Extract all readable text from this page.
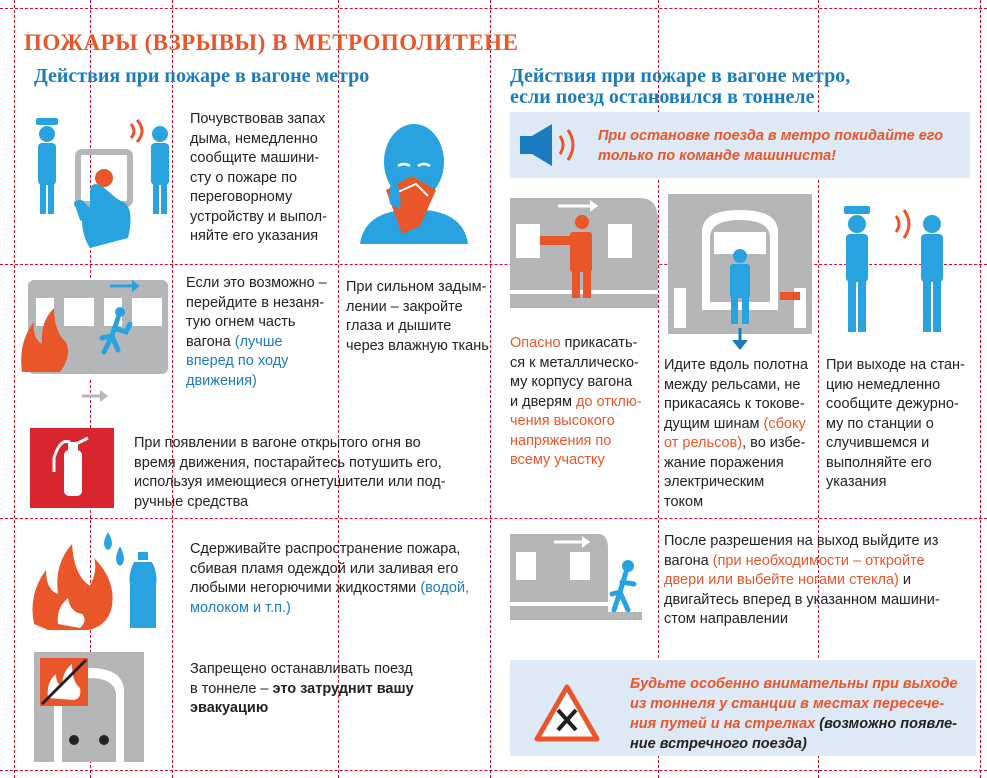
ПОЖАРЫ (ВЗРЫВЫ) В МЕТРОПОЛИТЕНЕ
Действия при пожаре в вагоне метро	Действия при пожаре в вагоне метро,
если поезд остановился в тоннеле
Почувствовав запах
дыма, немедленно
сообщите машини-
сту о пожаре по
переговорному
устройству и выпол-
няйте его указания
Если это возможно –
перейдите в незаня-
тую огнем часть
вагона (лучше
вперед по ходу
движения)
При сильном задым-
лении – закройте
глаза и дышите
через влажную ткань
При появлении в вагоне открытого огня во
время движения, постарайтесь потушить его,
используя имеющиеся огнетушители или под-
ручные средства
Сдерживайте распространение пожара,
сбивая пламя одеждой или заливая его
любыми негорючими жидкостями (водой,
молоком и т.п.)
Запрещено останавливать поезд
в тоннеле – это затруднит вашу
эвакуацию
При остановке поезда в метро покидайте его
только по команде машиниста!
Опасно прикасать-
ся к металлическо-
му корпусу вагона
и дверям до отклю-
чения высокого
напряжения по
всему участку
Идите вдоль полотна
между рельсами, не
прикасаясь к токове-
дущим шинам (сбоку
от рельсов), во избе-
жание поражения
электрическим
током
При выходе на стан-
цию немедленно
сообщите дежурно-
му по станции о
случившемся и
выполняйте его
указания
После разрешения на выход выйдите из
вагона (при необходимости – откройте
двери или выбейте ногами стекла) и
двигайтесь вперед в указанном машини-
стом направлении
Будьте особенно внимательны при выходе
из тоннеля у станции в местах пересече-
ния путей и на стрелках (возможно появле-
ние встречного поезда)
